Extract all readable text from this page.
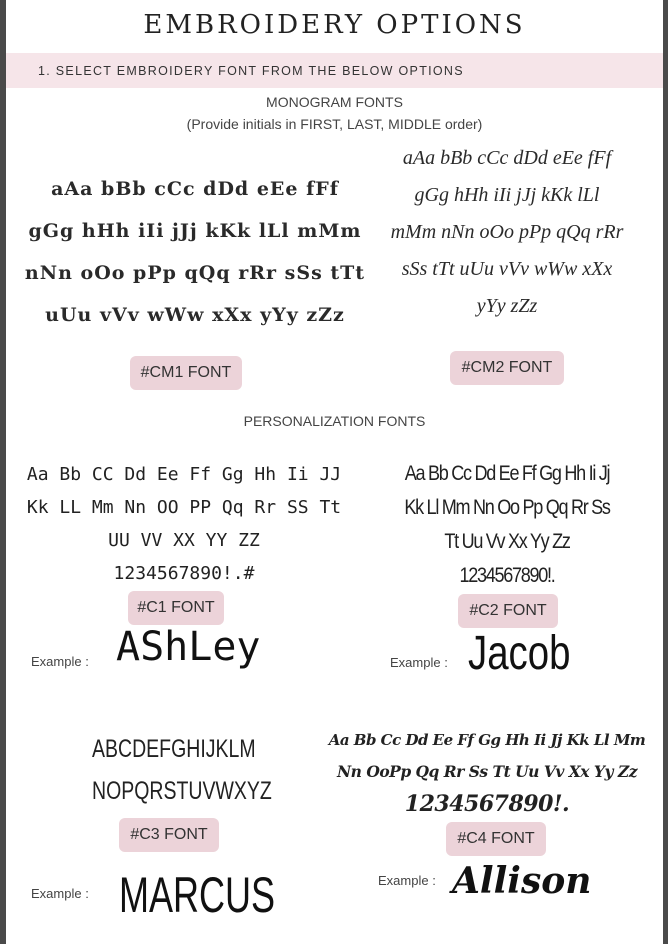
EMBROIDERY OPTIONS
1. SELECT EMBROIDERY FONT FROM THE BELOW OPTIONS
MONOGRAM FONTS
(Provide initials in FIRST, LAST, MIDDLE order)
aAa bBb cCc dDd eEe fFf
gGg hHh iIi jJj kKk lLl mMm
nNn oOo pPp qQq rRr sSs tTt
uUu vVv wWw xXx yYy zZz
#CM1 FONT
aAa bBb cCc dDd eEe fFf
gGg hHh iIi jJj kKk lLl
mMm nNn oOo pPp qQq rRr
sSs tTt uUu vVv wWw xXx
yYy zZz
#CM2 FONT
PERSONALIZATION FONTS
Aa Bb CC Dd Ee Ff Gg Hh Ii JJ
Kk LL Mm Nn OO PP Qq Rr SS Tt
UU VV XX YY ZZ
1234567890!.#
#C1 FONT
Example : AShLey
Aa Bb Cc Dd Ee Ff Gg Hh Ii Jj
Kk Ll Mm Nn Oo Pp Qq Rr Ss
Tt Uu Vv Xx Yy Zz
1234567890!.
#C2 FONT
Example : Jacob
ABCDEFGHIJKLM
NOPQRSTUVWXYZ
#C3 FONT
Example : MARCUS
Aa Bb Cc Dd Ee Ff Gg Hh Ii Jj Kk Ll Mm
Nn OoPp Qq Rr Ss Tt Uu Vv Xx Yy Zz
1234567890!.
#C4 FONT
Example : Allison
